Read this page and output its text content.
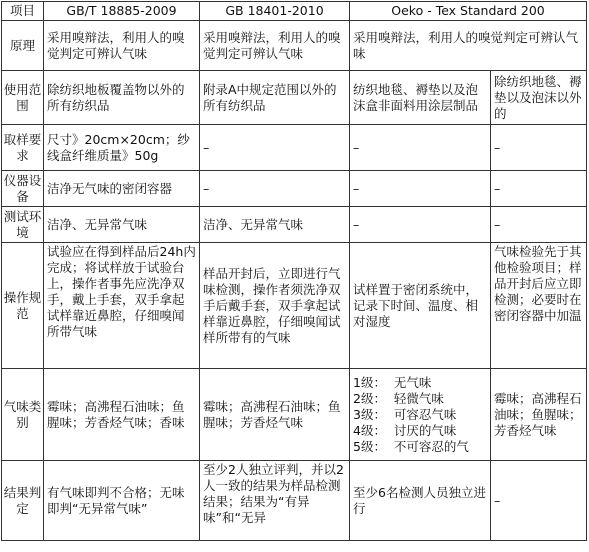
项目	GB/T 18885-2009	GB 18401-2010	Oeko - Tex Standard 200	
原理	采用嗅辩法，利用人的嗅觉判定可辨认气味	采用嗅辩法，利用人的嗅觉判定可辨认气味	采用嗅辩法，利用人的嗅觉判定可辨认气味	
使用范围	除纺织地板覆盖物以外的所有纺织品	附录A中规定范围以外的所有纺织品	纺织地毯、褥垫以及泡沫盒非面料用涂层制品	除纺织地毯、褥垫以及泡沫以外的
取样要求	尺寸》20cm×20cm；纱线盒纤维质量》50g	–	–	–
仪器设备	洁净无气味的密闭容器	–	–	–
测试环境	洁净、无异常气味	洁净、无异常气味	–	–
操作规范	试验应在得到样品后24h内完成；将试样放于试验台上，操作者事先应洗净双手，戴上手套，双手拿起试样靠近鼻腔，仔细嗅闻所带气味	样品开封后，立即进行气味检测，操作者须洗净双手后戴手套，双手拿起试样靠近鼻腔，仔细嗅闻试样所带有的气味	试样置于密闭系统中，记录下时间、温度、相对湿度	气味检验先于其他检验项目；样品开封后应立即检测；必要时在密闭容器中加温
气味类别	霉味；高沸程石油味；鱼腥味；芳香烃气味；香味	霉味；高沸程石油味；鱼腥味；芳香烃气味	1级：  无气味
2级：  轻微气味
3级：  可容忍气味
4级：  讨厌的气味
5级：  不可容忍的气	霉味；高沸程石油味；鱼腥味；芳香烃气味
结果判定	有气味即判不合格；无味即判“无异常气味”	至少2人独立评判，并以2人一致的结果为样品检测结果；结果为“有异味”和“无异	至少6名检测人员独立进行	–
